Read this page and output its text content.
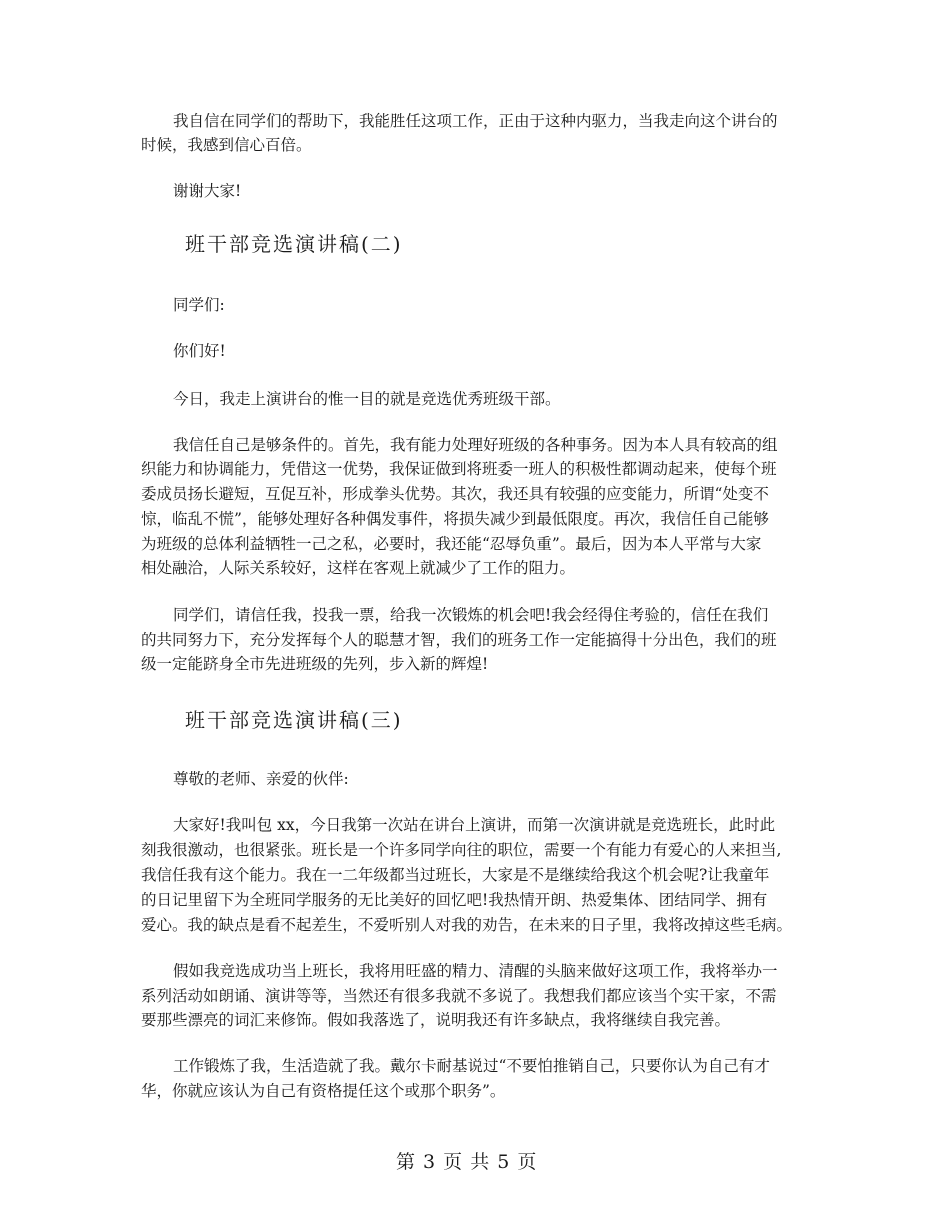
我自信在同学们的帮助下，我能胜任这项工作，正由于这种内驱力，当我走向这个讲台的
时候，我感到信心百倍。
谢谢大家!
班干部竞选演讲稿(二)
同学们:
你们好!
今日，我走上演讲台的惟一目的就是竞选优秀班级干部。
我信任自己是够条件的。首先，我有能力处理好班级的各种事务。因为本人具有较高的组
织能力和协调能力，凭借这一优势，我保证做到将班委一班人的积极性都调动起来，使每个班
委成员扬长避短，互促互补，形成拳头优势。其次，我还具有较强的应变能力，所谓“处变不
惊，临乱不慌”，能够处理好各种偶发事件，将损失减少到最低限度。再次，我信任自己能够
为班级的总体利益牺牲一己之私，必要时，我还能“忍辱负重”。最后，因为本人平常与大家
相处融洽，人际关系较好，这样在客观上就减少了工作的阻力。
同学们，请信任我，投我一票，给我一次锻炼的机会吧!我会经得住考验的，信任在我们
的共同努力下，充分发挥每个人的聪慧才智，我们的班务工作一定能搞得十分出色，我们的班
级一定能跻身全市先进班级的先列，步入新的辉煌!
班干部竞选演讲稿(三)
尊敬的老师、亲爱的伙伴:
大家好!我叫包 xx，今日我第一次站在讲台上演讲，而第一次演讲就是竞选班长，此时此
刻我很激动，也很紧张。班长是一个许多同学向往的职位，需要一个有能力有爱心的人来担当,
我信任我有这个能力。我在一二年级都当过班长，大家是不是继续给我这个机会呢?让我童年
的日记里留下为全班同学服务的无比美好的回忆吧!我热情开朗、热爱集体、团结同学、拥有
爱心。我的缺点是看不起差生，不爱听别人对我的劝告，在未来的日子里，我将改掉这些毛病。
假如我竞选成功当上班长，我将用旺盛的精力、清醒的头脑来做好这项工作，我将举办一
系列活动如朗诵、演讲等等，当然还有很多我就不多说了。我想我们都应该当个实干家，不需
要那些漂亮的词汇来修饰。假如我落选了，说明我还有许多缺点，我将继续自我完善。
工作锻炼了我，生活造就了我。戴尔卡耐基说过“不要怕推销自己，只要你认为自己有才
华，你就应该认为自己有资格提任这个或那个职务”。
第 3 页 共 5 页
